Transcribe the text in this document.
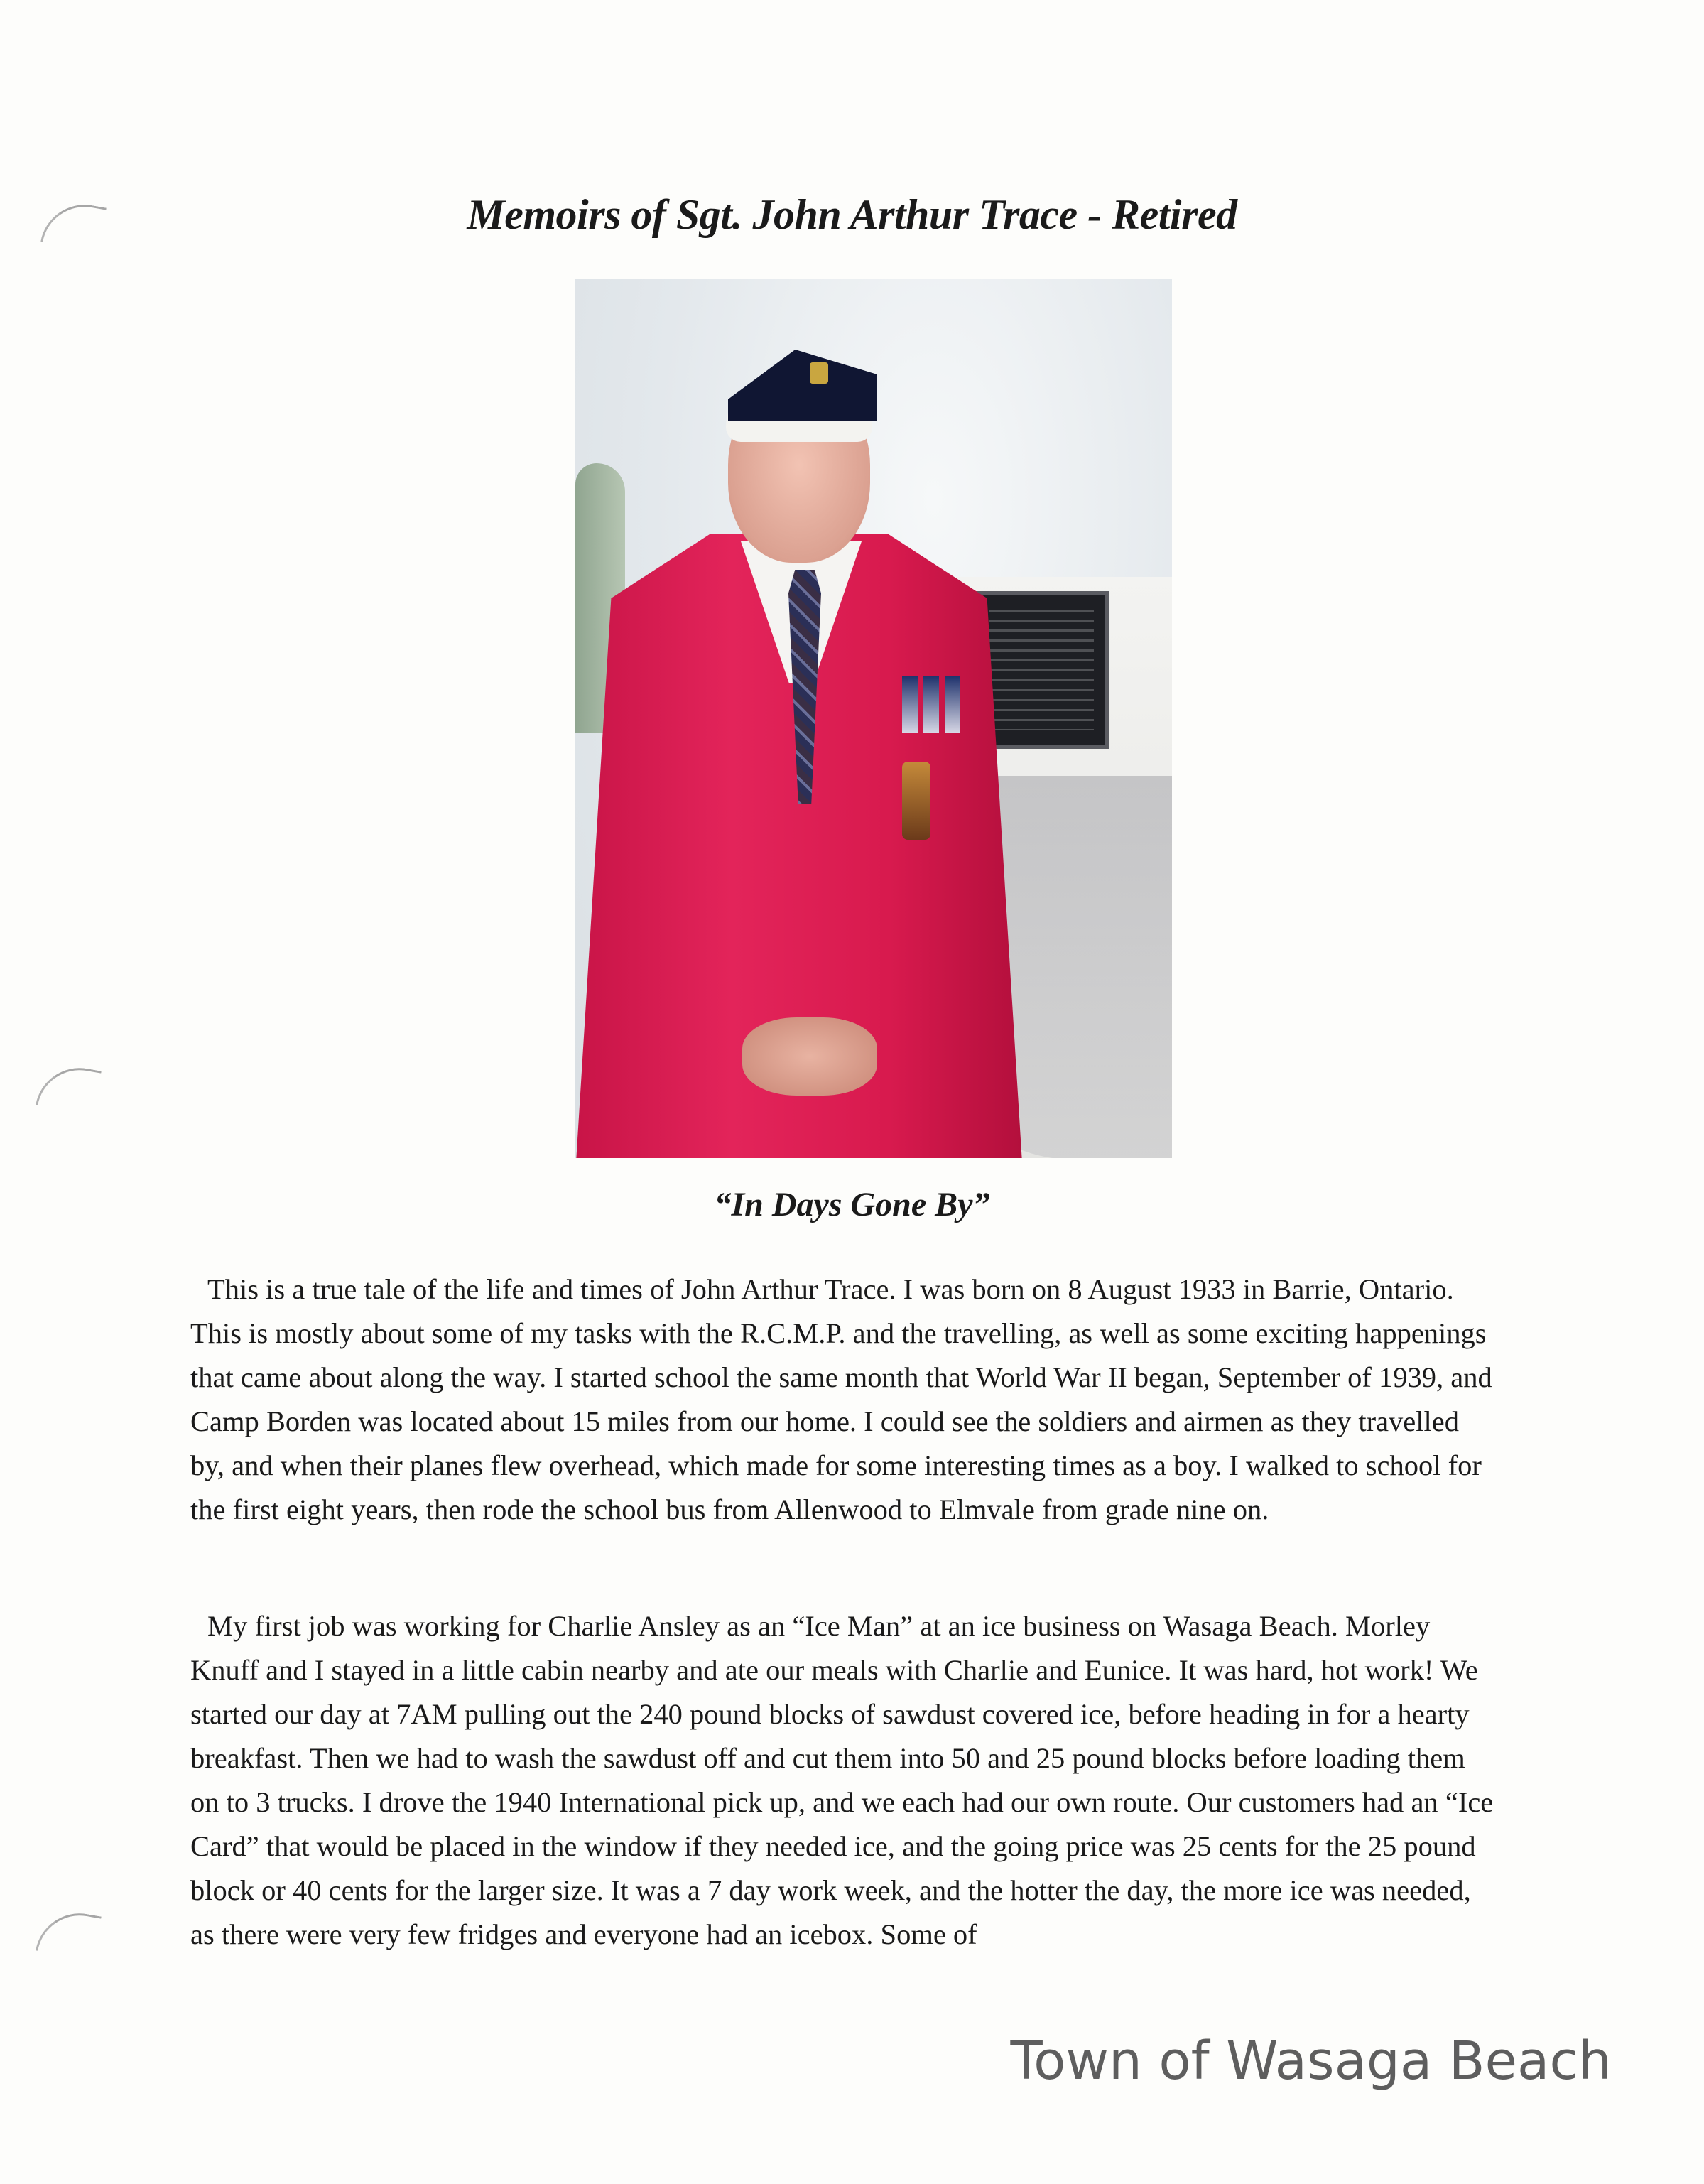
Memoirs of Sgt. John Arthur Trace - Retired
“In Days Gone By”

This is a true tale of the life and times of John Arthur Trace. I was born on 8 August 1933 in Barrie, Ontario. This is mostly about some of my tasks with the R.C.M.P. and the travelling, as well as some exciting happenings that came about along the way. I started school the same month that World War II began, September of 1939, and Camp Borden was located about 15 miles from our home. I could see the soldiers and airmen as they travelled by, and when their planes flew overhead, which made for some interesting times as a boy. I walked to school for the first eight years, then rode the school bus from Allenwood to Elmvale from grade nine on.

My first job was working for Charlie Ansley as an “Ice Man” at an ice business on Wasaga Beach. Morley Knuff and I stayed in a little cabin nearby and ate our meals with Charlie and Eunice. It was hard, hot work! We started our day at 7AM pulling out the 240 pound blocks of sawdust covered ice, before heading in for a hearty breakfast. Then we had to wash the sawdust off and cut them into 50 and 25 pound blocks before loading them on to 3 trucks. I drove the 1940 International pick up, and we each had our own route. Our customers had an “Ice Card” that would be placed in the window if they needed ice, and the going price was 25 cents for the 25 pound block or 40 cents for the larger size. It was a 7 day work week, and the hotter the day, the more ice was needed, as there were very few fridges and everyone had an icebox. Some of

Town of Wasaga Beach
